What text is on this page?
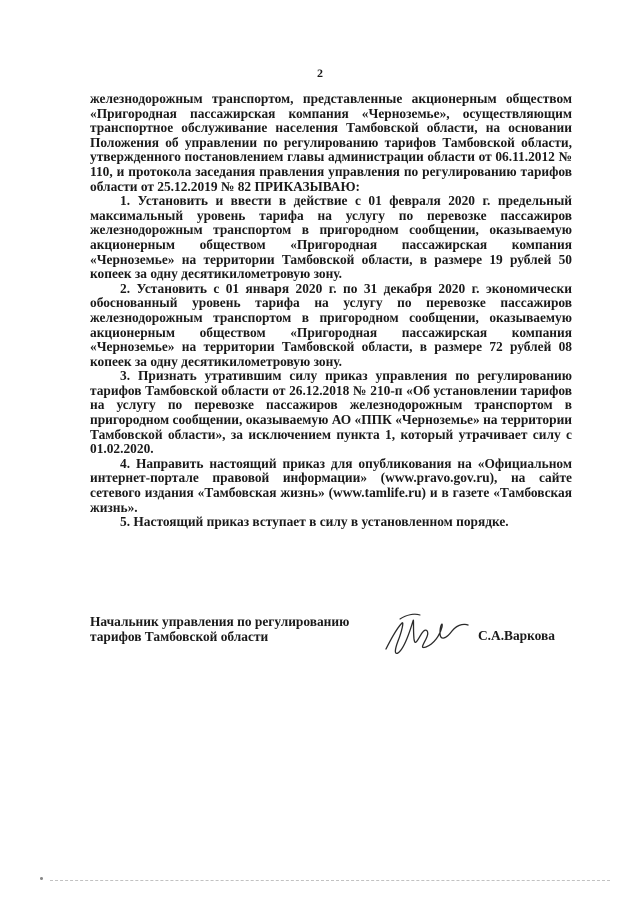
2

железнодорожным транспортом, представленные акционерным обществом «Пригородная пассажирская компания «Черноземье», осуществляющим транспортное обслуживание населения Тамбовской области, на основании Положения об управлении по регулированию тарифов Тамбовской области, утвержденного постановлением главы администрации области от 06.11.2012 № 110, и протокола заседания правления управления по регулированию тарифов области от 25.12.2019 № 82 ПРИКАЗЫВАЮ:

1. Установить и ввести в действие с 01 февраля 2020 г. предельный максимальный уровень тарифа на услугу по перевозке пассажиров железнодорожным транспортом в пригородном сообщении, оказываемую акционерным обществом «Пригородная пассажирская компания «Черноземье» на территории Тамбовской области, в размере 19 рублей 50 копеек за одну десятикилометровую зону.

2. Установить с 01 января 2020 г. по 31 декабря 2020 г. экономически обоснованный уровень тарифа на услугу по перевозке пассажиров железнодорожным транспортом в пригородном сообщении, оказываемую акционерным обществом «Пригородная пассажирская компания «Черноземье» на территории Тамбовской области, в размере 72 рублей 08 копеек за одну десятикилометровую зону.

3. Признать утратившим силу приказ управления по регулированию тарифов Тамбовской области от 26.12.2018 № 210-п «Об установлении тарифов на услугу по перевозке пассажиров железнодорожным транспортом в пригородном сообщении, оказываемую АО «ППК «Черноземье» на территории Тамбовской области», за исключением пункта 1, который утрачивает силу с 01.02.2020.

4. Направить настоящий приказ для опубликования на «Официальном интернет-портале правовой информации» (www.pravo.gov.ru), на сайте сетевого издания «Тамбовская жизнь» (www.tamlife.ru) и в газете «Тамбовская жизнь».

5. Настоящий приказ вступает в силу в установленном порядке.

Начальник управления по регулированию
тарифов Тамбовской области	С.А.Варкова
